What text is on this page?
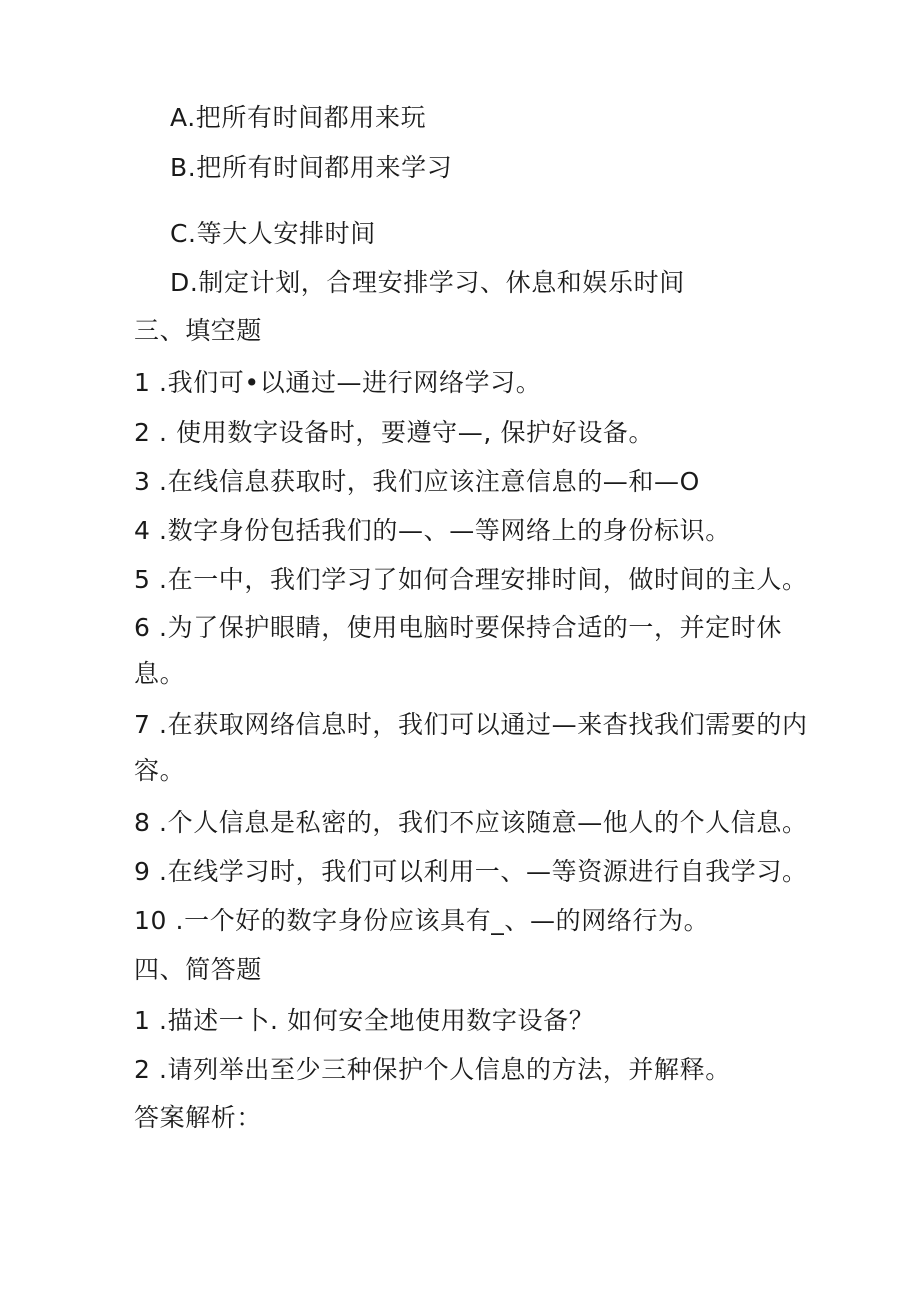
A.把所有时间都用来玩
B.把所有时间都用来学习
C.等大人安排时间
D.制定计划，合理安排学习、休息和娱乐时间
三、填空题
1 .我们可•以通过—进行网络学习。
2 . 使用数字设备时，要遵守—, 保护好设备。
3 .在线信息获取时，我们应该注意信息的—和—O
4 .数字身份包括我们的—、—等网络上的身份标识。
5 .在一中，我们学习了如何合理安排时间，做时间的主人。
6 .为了保护眼睛，使用电脑时要保持合适的一，并定时休
息。
7 .在获取网络信息时，我们可以通过—来杳找我们需要的内
容。
8 .个人信息是私密的，我们不应该随意—他人的个人信息。
9 .在线学习时，我们可以利用一、—等资源进行自我学习。
10 .一个好的数字身份应该具有_、—的网络行为。
四、简答题
1 .描述一卜. 如何安全地使用数字设备？
2 .请列举出至少三种保护个人信息的方法，并解释。
答案解析：
